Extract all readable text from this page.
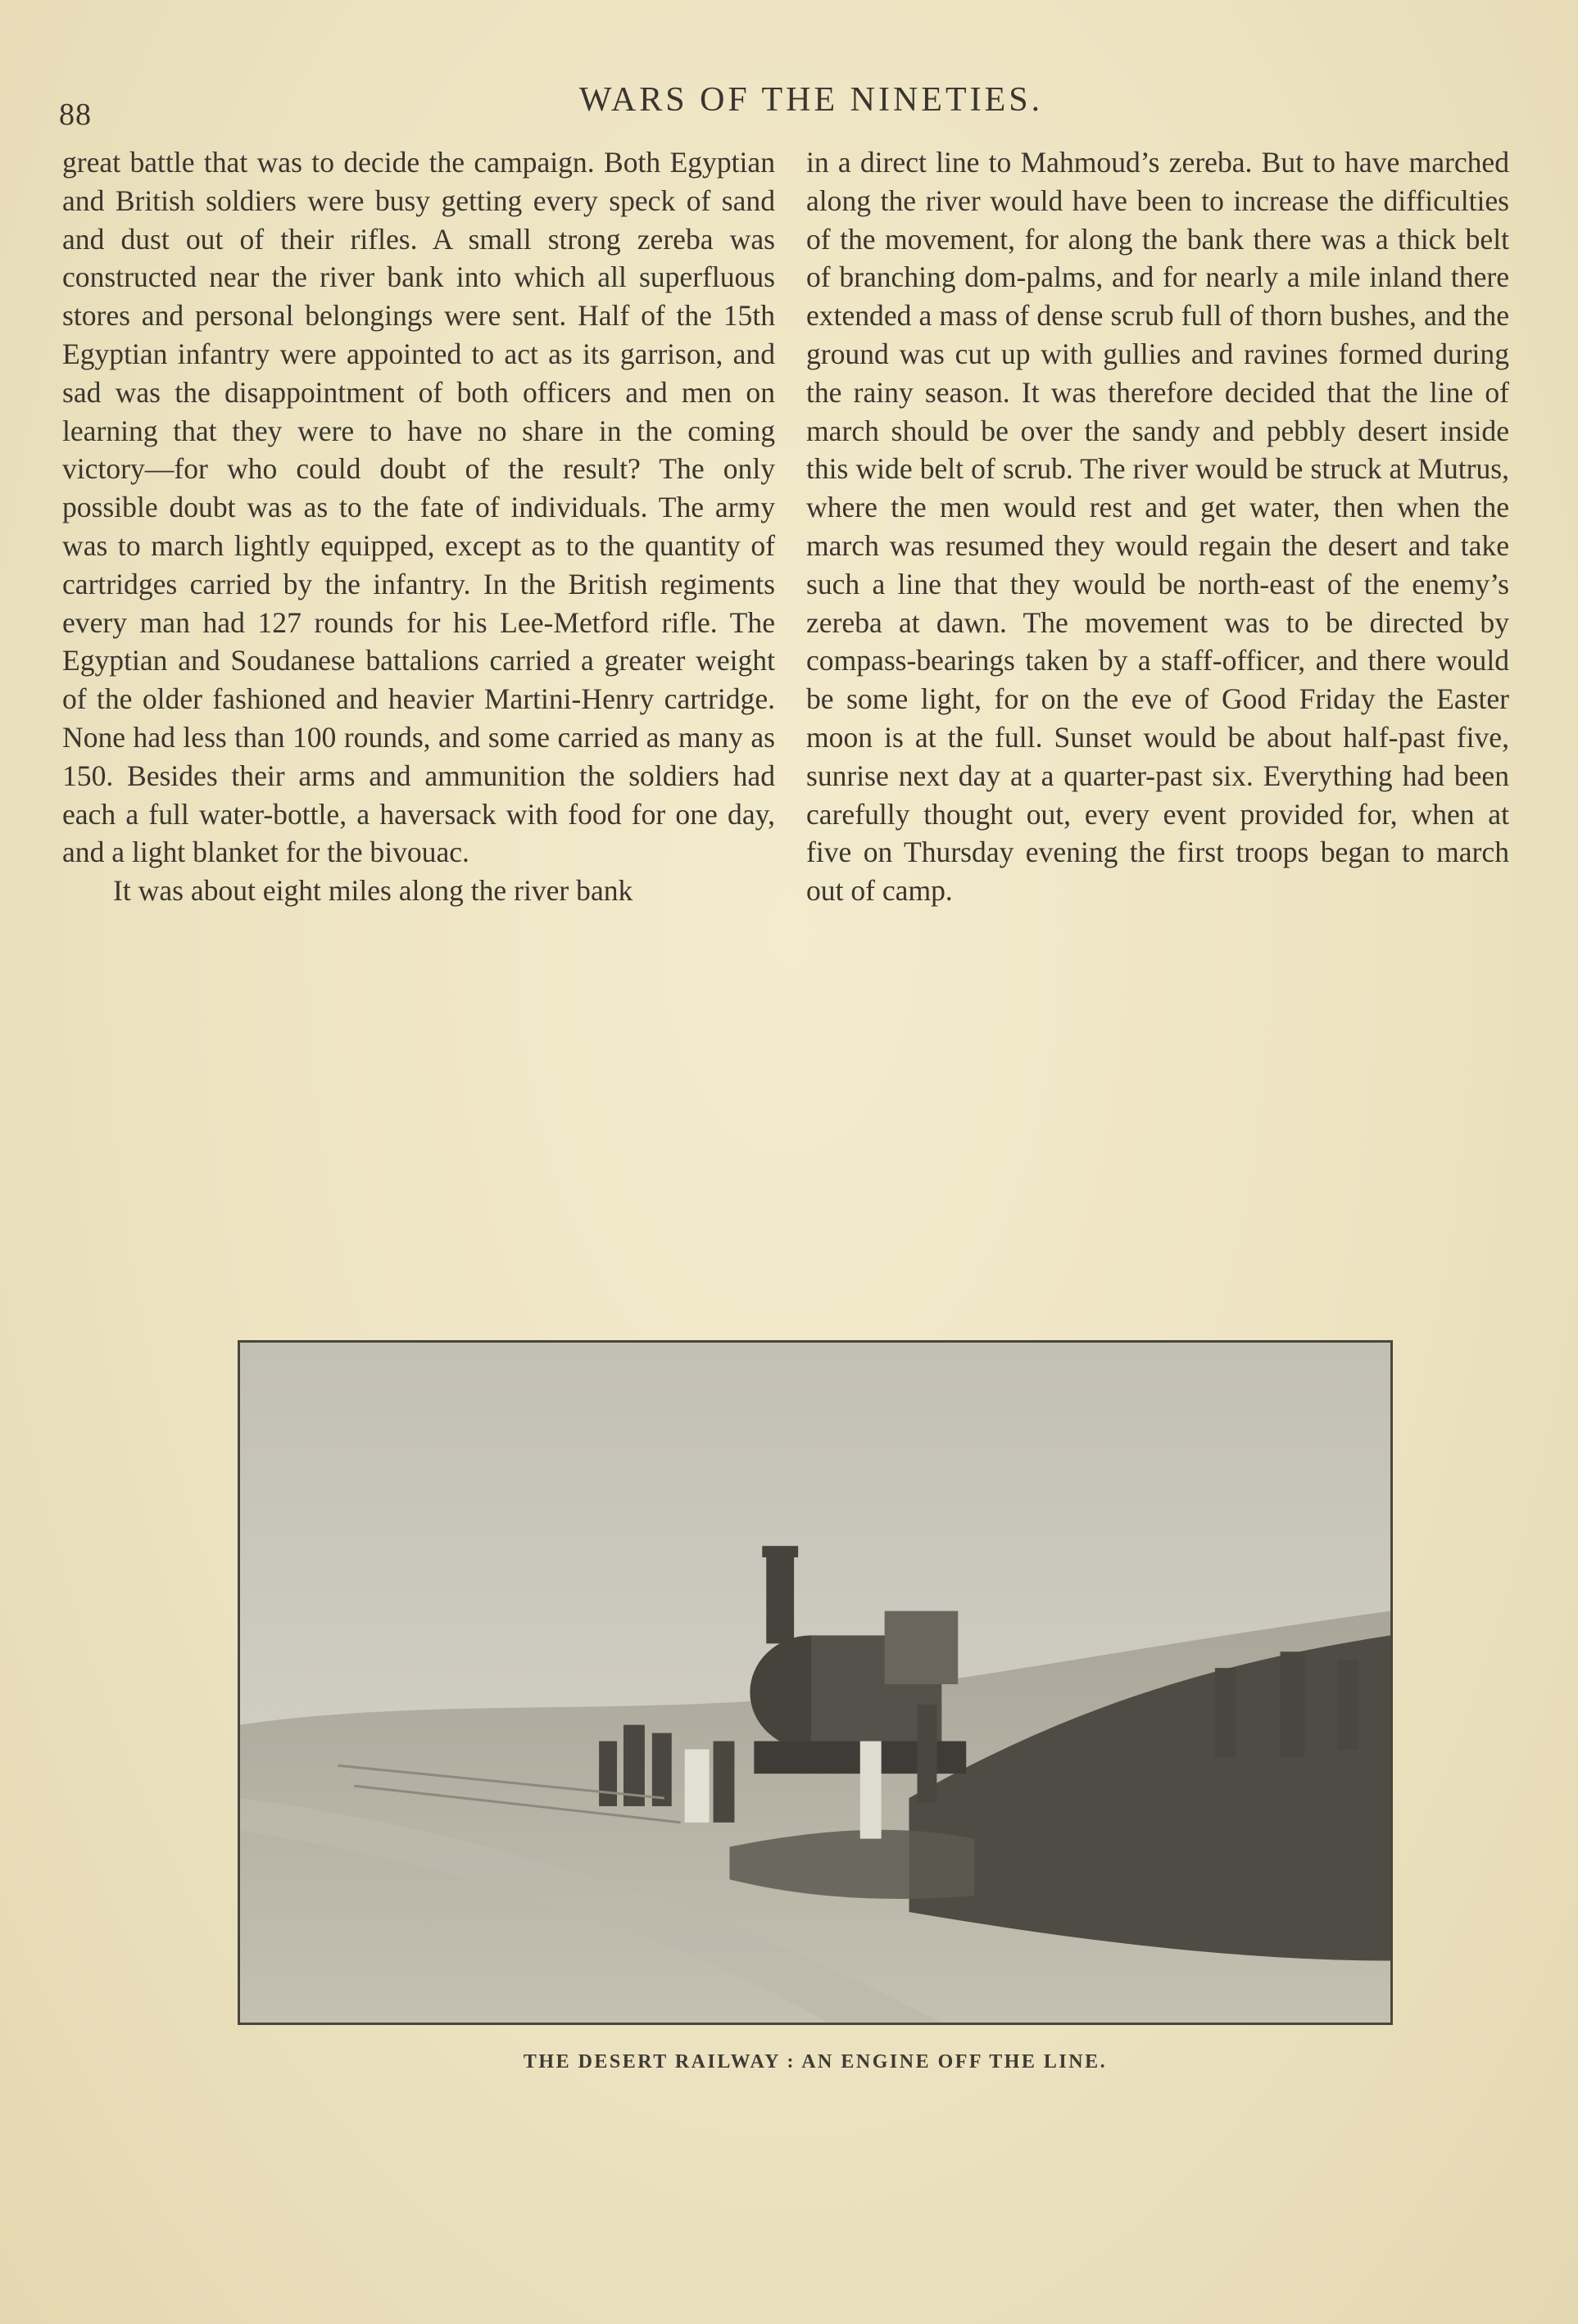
88	WARS OF THE NINETIES.

great battle that was to decide the campaign. Both Egyptian and British soldiers were busy getting every speck of sand and dust out of their rifles. A small strong zereba was constructed near the river bank into which all superfluous stores and personal belongings were sent. Half of the 15th Egyptian infantry were appointed to act as its garrison, and sad was the disappointment of both officers and men on learning that they were to have no share in the coming victory—for who could doubt of the result? The only possible doubt was as to the fate of individuals. The army was to march lightly equipped, except as to the quantity of cartridges carried by the infantry. In the British regiments every man had 127 rounds for his Lee-Metford rifle. The Egyptian and Soudanese battalions carried a greater weight of the older fashioned and heavier Martini-Henry cartridge. None had less than 100 rounds, and some carried as many as 150. Besides their arms and ammunition the soldiers had each a full water-bottle, a haversack with food for one day, and a light blanket for the bivouac.

It was about eight miles along the river bank

in a direct line to Mahmoud’s zereba. But to have marched along the river would have been to increase the difficulties of the movement, for along the bank there was a thick belt of branching dom-palms, and for nearly a mile inland there extended a mass of dense scrub full of thorn bushes, and the ground was cut up with gullies and ravines formed during the rainy season. It was therefore decided that the line of march should be over the sandy and pebbly desert inside this wide belt of scrub. The river would be struck at Mutrus, where the men would rest and get water, then when the march was resumed they would regain the desert and take such a line that they would be north-east of the enemy’s zereba at dawn. The movement was to be directed by compass-bearings taken by a staff-officer, and there would be some light, for on the eve of Good Friday the Easter moon is at the full. Sunset would be about half-past five, sunrise next day at a quarter-past six. Everything had been carefully thought out, every event provided for, when at five on Thursday evening the first troops began to march out of camp.

THE DESERT RAILWAY : AN ENGINE OFF THE LINE.
